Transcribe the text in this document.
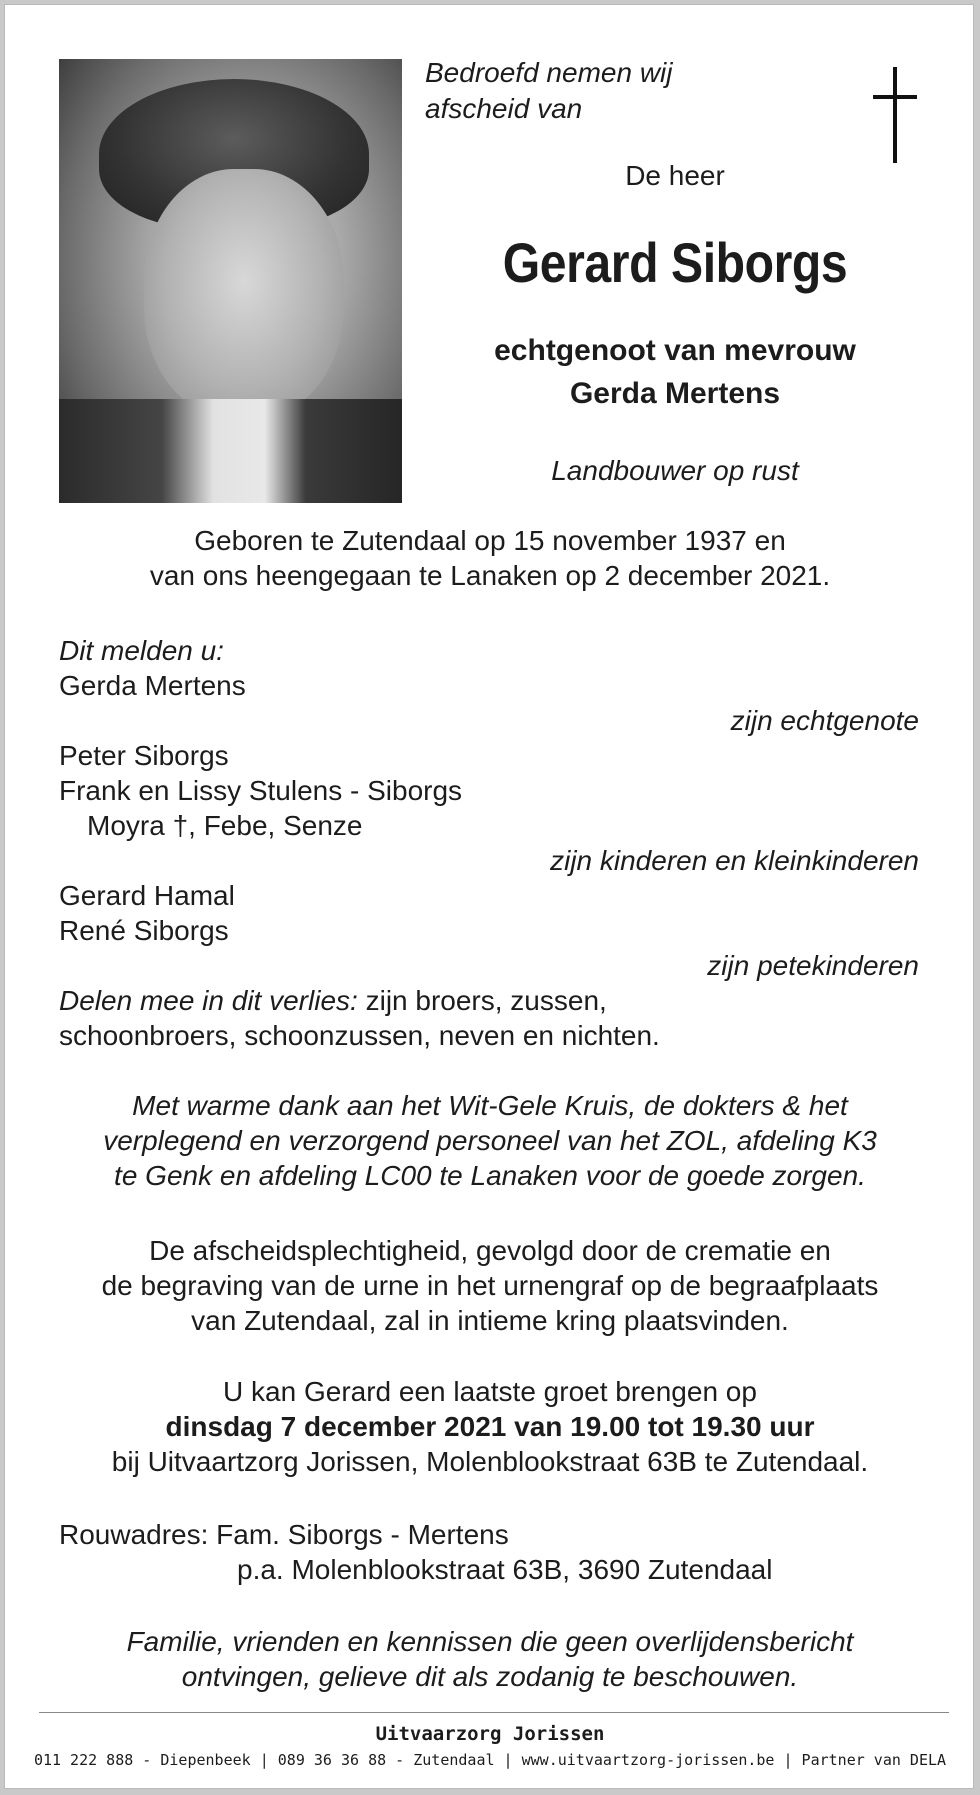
Bedroefd nemen wij
afscheid van
De heer
Gerard Siborgs
echtgenoot van mevrouw
Gerda Mertens
Landbouwer op rust
Geboren te Zutendaal op 15 november 1937 en
van ons heengegaan te Lanaken op 2 december 2021.
Dit melden u:
Gerda Mertens
zijn echtgenote
Peter Siborgs
Frank en Lissy Stulens - Siborgs
Moyra †, Febe, Senze
zijn kinderen en kleinkinderen
Gerard Hamal
René Siborgs
zijn petekinderen
Delen mee in dit verlies: zijn broers, zussen,
schoonbroers, schoonzussen, neven en nichten.
Met warme dank aan het Wit-Gele Kruis, de dokters & het
verplegend en verzorgend personeel van het ZOL, afdeling K3
te Genk en afdeling LC00 te Lanaken voor de goede zorgen.
De afscheidsplechtigheid, gevolgd door de crematie en
de begraving van de urne in het urnengraf op de begraafplaats
van Zutendaal, zal in intieme kring plaatsvinden.
U kan Gerard een laatste groet brengen op
dinsdag 7 december 2021 van 19.00 tot 19.30 uur
bij Uitvaartzorg Jorissen, Molenblookstraat 63B te Zutendaal.
Rouwadres: Fam. Siborgs - Mertens
p.a. Molenblookstraat 63B, 3690 Zutendaal
Familie, vrienden en kennissen die geen overlijdensbericht
ontvingen, gelieve dit als zodanig te beschouwen.
Uitvaarzorg Jorissen
011 222 888 - Diepenbeek | 089 36 36 88 - Zutendaal | www.uitvaartzorg-jorissen.be | Partner van DELA
